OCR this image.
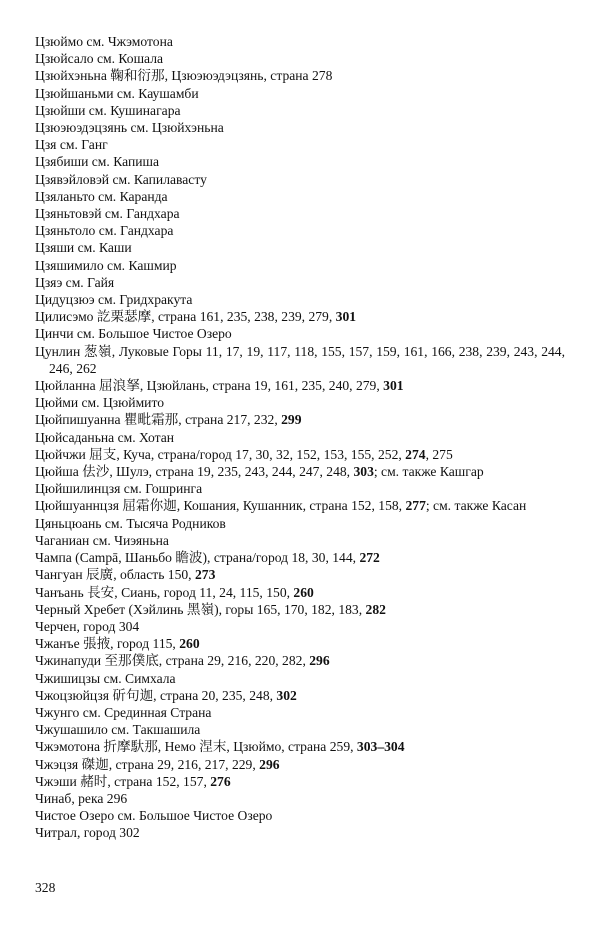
Цзюймо см. Чжэмотона
Цзюйсало см. Кошала
Цзюйхэньна 鞠和衍那, Цзюэюэдэцзянь, страна 278
Цзюйшаньми см. Каушамби
Цзюйши см. Кушинагара
Цзюэюэдэцзянь см. Цзюйхэньна
Цзя см. Ганг
Цзябиши см. Капиша
Цзявэйловэй см. Капилавасту
Цзяланьто см. Каранда
Цзяньтовэй см. Гандхара
Цзяньтоло см. Гандхара
Цзяши см. Каши
Цзяшимило см. Кашмир
Цзяэ см. Гайя
Цидуцзюэ см. Гридхракута
Цилисэмо 訖栗瑟摩, страна 161, 235, 238, 239, 279, 301
Цинчи см. Большое Чистое Озеро
Цунлин 葱嶺, Луковые Горы 11, 17, 19, 117, 118, 155, 157, 159, 161, 166, 238, 239, 243, 244, 246, 262
Цюйланна 屈浪拏, Цзюйлань, страна 19, 161, 235, 240, 279, 301
Цюйми см. Цзюймито
Цюйпишуанна 瞿毗霜那, страна 217, 232, 299
Цюйсаданьна см. Хотан
Цюйчжи 屈支, Куча, страна/город 17, 30, 32, 152, 153, 155, 252, 274, 275
Цюйша 佉沙, Шулэ, страна 19, 235, 243, 244, 247, 248, 303; см. также Кашгар
Цюйшилинцзя см. Гошринга
Цюйшуаннцзя 屈霜你迦, Кошания, Кушанник, страна 152, 158, 277; см. также Касан
Цяньцюань см. Тысяча Родников
Чаганиан см. Чиэяньна
Чампа (Campā, Шаньбо 瞻波), страна/город 18, 30, 144, 272
Чангуан 辰廣, область 150, 273
Чанъань 長安, Сиань, город 11, 24, 115, 150, 260
Черный Хребет (Хэйлинь 黑嶺), горы 165, 170, 182, 183, 282
Черчен, город 304
Чжанъе 張掖, город 115, 260
Чжинапуди 至那僕底, страна 29, 216, 220, 282, 296
Чжишицзы см. Симхала
Чжоцзюйцзя 斫句迦, страна 20, 235, 248, 302
Чжунго см. Срединная Страна
Чжушашило см. Такшашила
Чжэмотона 折摩馱那, Немо 涅末, Цзюймо, страна 259, 303–304
Чжэцзя 磔迦, страна 29, 216, 217, 229, 296
Чжэши 赭时, страна 152, 157, 276
Чинаб, река 296
Чистое Озеро см. Большое Чистое Озеро
Читрал, город 302
328
